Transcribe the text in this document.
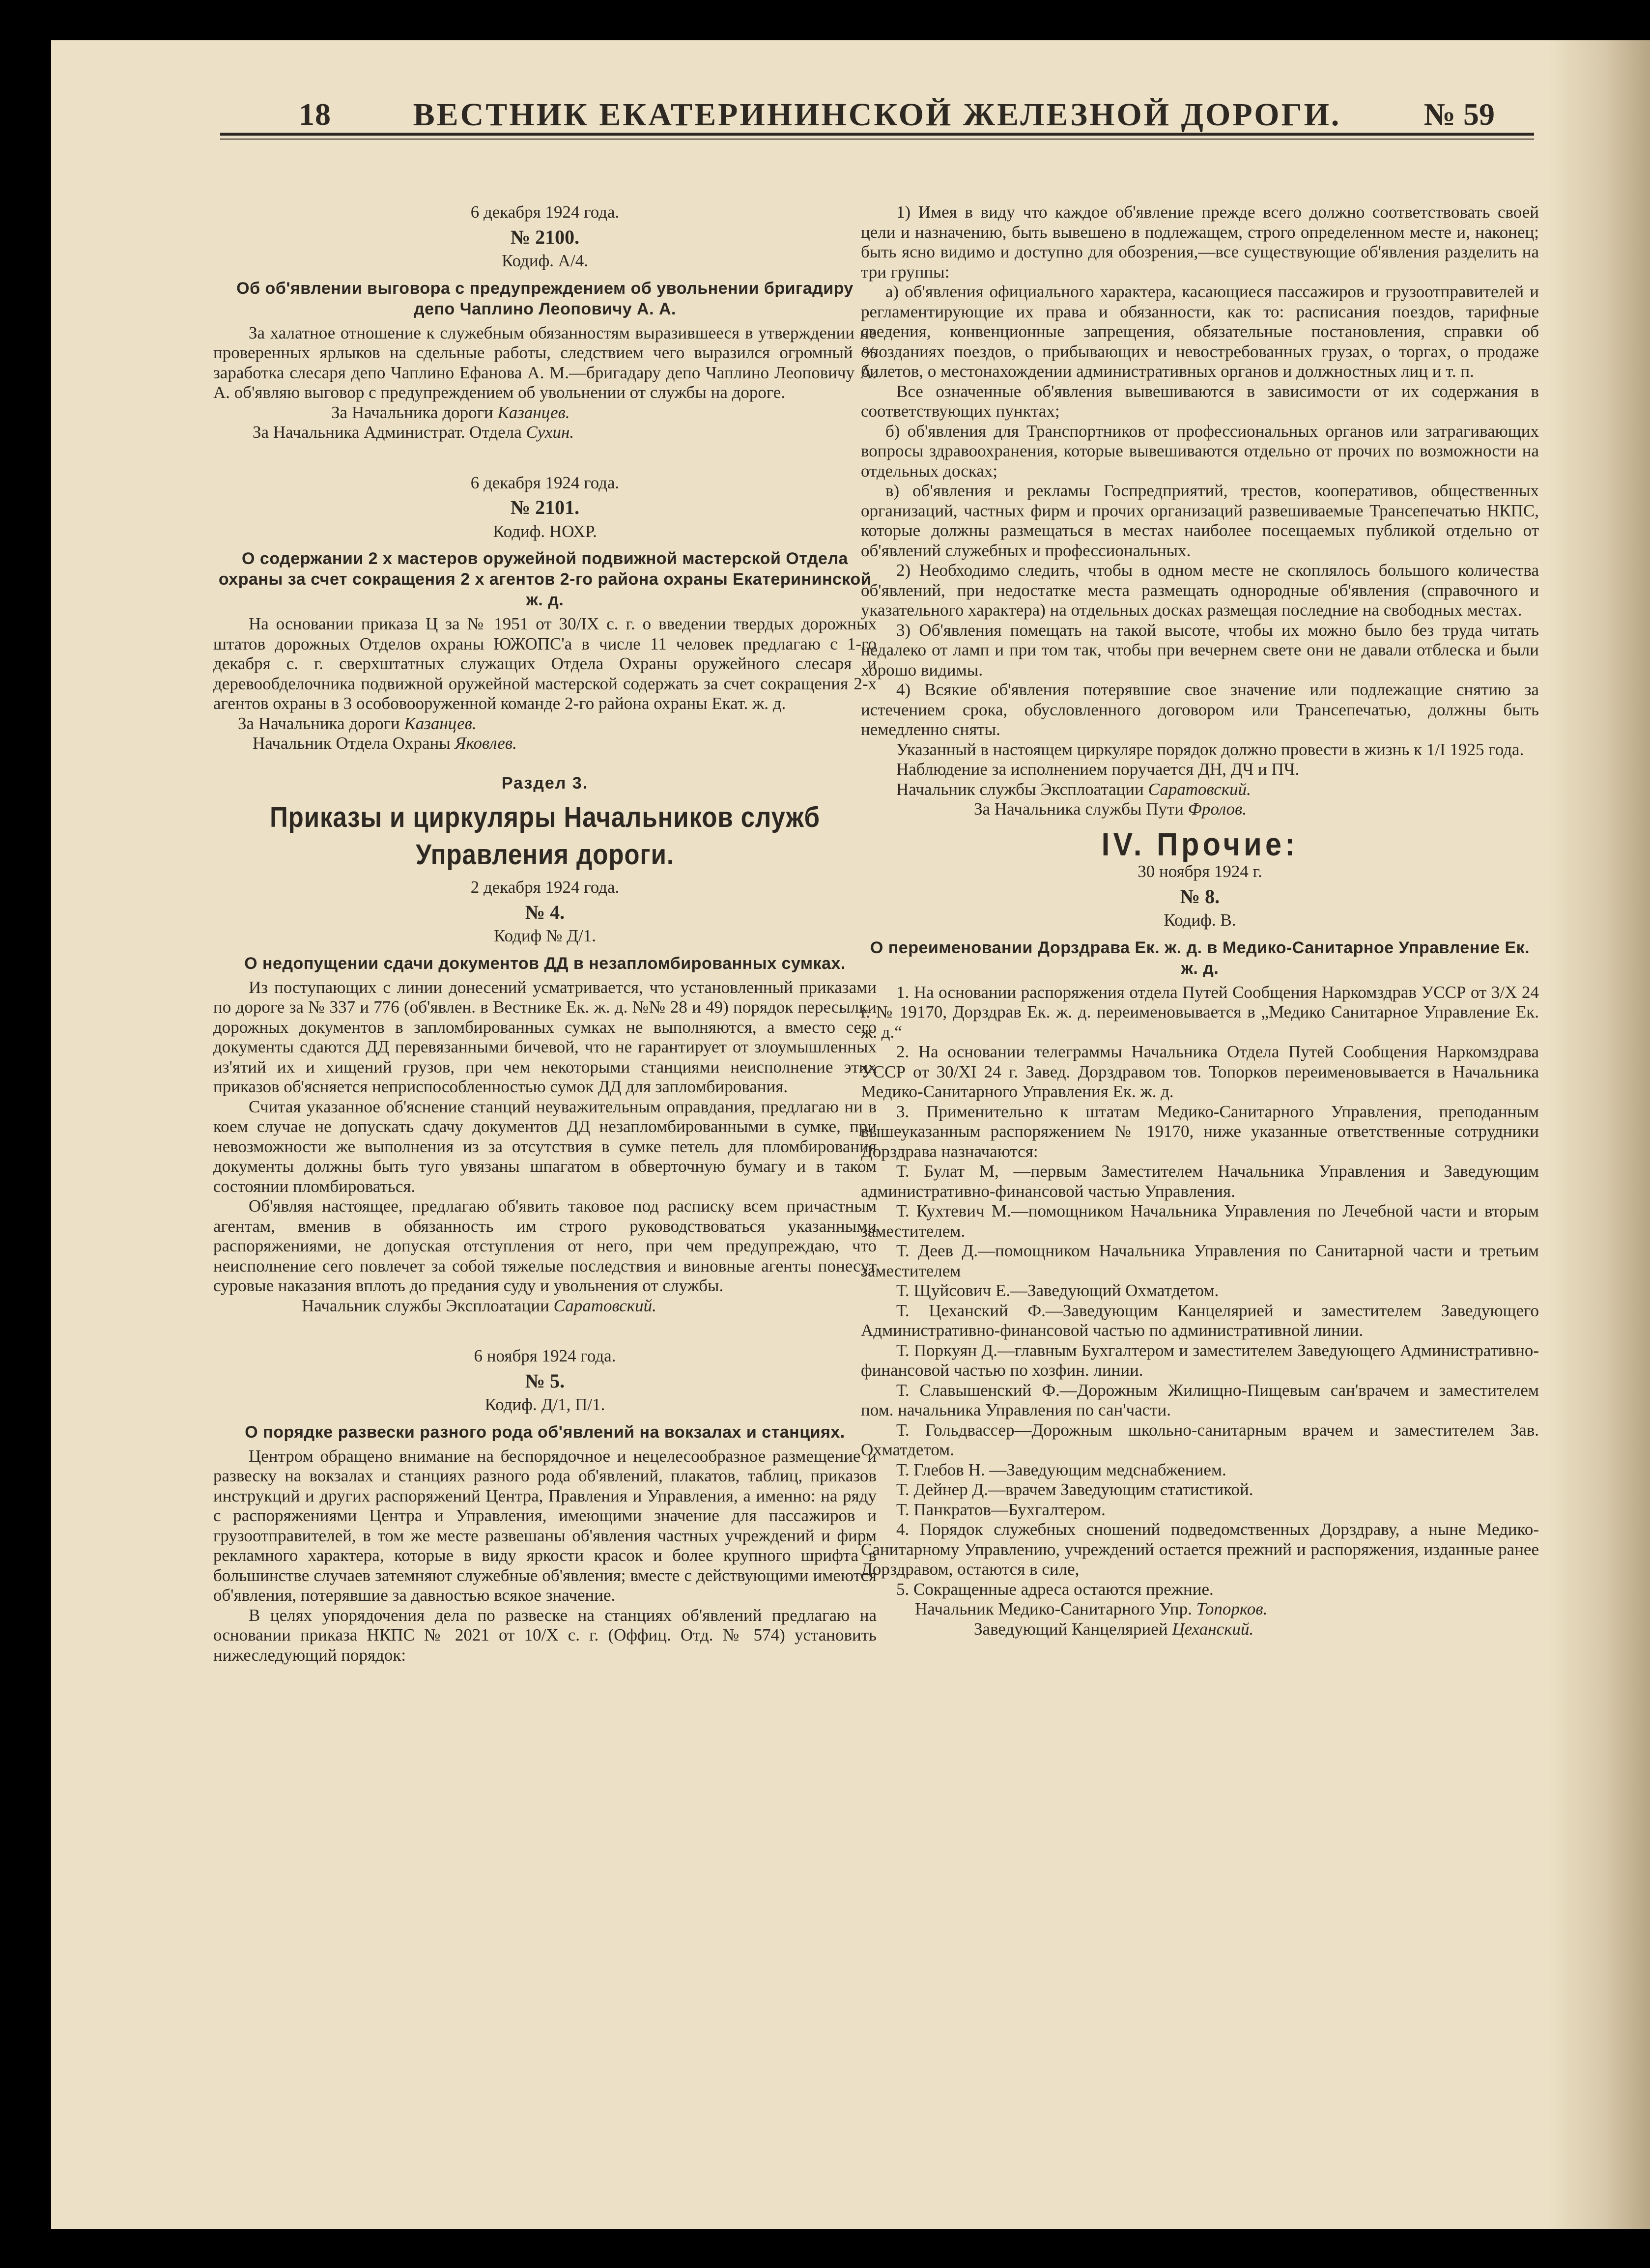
18	ВЕСТНИК ЕКАТЕРИНИНСКОЙ ЖЕЛЕЗНОЙ ДОРОГИ.	№ 59
6 декабря 1924 года.
№ 2100.
Кодиф. А/4.
Об об'явлении выговора с предупреждением об увольнении бригадиру депо Чаплино Леоповичу А. А.

За халатное отношение к служебным обязанностям выразившееся в утверждении не проверенных ярлыков на сдельные работы, следствием чего выразился огромный % заработка слесаря депо Чаплино Ефанова А. М.—бригадару депо Чаплино Леоповичу А. А. об'являю выговор с предупреждением об увольнении от службы на дороге.

За Начальника дороги Казанцев.
За Начальника Администрат. Отдела Сухин.
6 декабря 1924 года.
№ 2101.
Кодиф. НОХР.
О содержании 2 х мастеров оружейной подвижной мастерской Отдела охраны за счет сокращения 2 х агентов 2-го района охраны Екатерининской ж. д.

На основании приказа Ц за № 1951 от 30/IX с. г. о введении твердых дорожных штатов дорожных Отделов охраны ЮЖОПС'а в числе 11 человек предлагаю с 1-го декабря с. г. сверхштатных служащих Отдела Охраны оружейного слесаря и деревообделочника подвижной оружейной мастерской содержать за счет сокращения 2-х агентов охраны в 3 особовооруженной команде 2-го района охраны Екат. ж. д.

За Начальника дороги Казанцев.
Начальник Отдела Охраны Яковлев.
Раздел 3.
Приказы и циркуляры Начальников служб Управления дороги.
2 декабря 1924 года.
№ 4.
Кодиф № Д/1.
О недопущении сдачи документов ДД в незапломбированных сумках.

Из поступающих с линии донесений усматривается, что установленный приказами по дороге за № 337 и 776 (об'явлен. в Вестнике Ек. ж. д. №№ 28 и 49) порядок пересылки дорожных документов в запломбированных сумках не выполняются, а вместо сего документы сдаются ДД перевязанными бичевой, что не гарантирует от злоумышленных из'ятий их и хищений грузов, при чем некоторыми станциями неисполнение этих приказов об'ясняется неприспособленностью сумок ДД для запломбирования.

Считая указанное об'яснение станций неуважительным оправдания, предлагаю ни в коем случае не допускать сдачу документов ДД незапломбированными в сумке, при невозможности же выполнения из за отсутствия в сумке петель для пломбирования документы должны быть туго увязаны шпагатом в обверточную бумагу и в таком состоянии пломбироваться.

Об'являя настоящее, предлагаю об'явить таковое под расписку всем причастным агентам, вменив в обязанность им строго руководствоваться указанными распоряжениями, не допуская отступления от него, при чем предупреждаю, что неисполнение сего повлечет за собой тяжелые последствия и виновные агенты понесут суровые наказания вплоть до предания суду и увольнения от службы.

Начальник службы Эксплоатации Саратовский.
6 ноября 1924 года.
№ 5.
Кодиф. Д/1, П/1.
О порядке развески разного рода об'явлений на вокзалах и станциях.

Центром обращено внимание на беспорядочное и нецелесообразное размещение и развеску на вокзалах и станциях разного рода об'явлений, плакатов, таблиц, приказов инструкций и других распоряжений Центра, Правления и Управления, а именно: на ряду с распоряжениями Центра и Управления, имеющими значение для пассажиров и грузоотправителей, в том же месте развешаны об'явления частных учреждений и фирм рекламного характера, которые в виду яркости красок и более крупного шрифта в большинстве случаев затемняют служебные об'явления; вместе с действующими имеются об'явления, потерявшие за давностью всякое значение.

В целях упорядочения дела по развеске на станциях об'явлений предлагаю на основании приказа НКПС № 2021 от 10/Х с. г. (Оффиц. Отд. № 574) установить нижеследующий порядок:

1) Имея в виду что каждое об'явление прежде всего должно соответствовать своей цели и назначению, быть вывешено в подлежащем, строго определенном месте и, наконец; быть ясно видимо и доступно для обозрения,—все существующие об'явления разделить на три группы:

а) об'явления официального характера, касающиеся пассажиров и грузоотправителей и регламентирующие их права и обязанности, как то: расписания поездов, тарифные сведения, конвенционные запрещения, обязательные постановления, справки об опозданиях поездов, о прибывающих и невостребованных грузах, о торгах, о продаже билетов, о местонахождении административных органов и должностных лиц и т. п.

Все означенные об'явления вывешиваются в зависимости от их содержания в соответствующих пунктах;

б) об'явления для Транспортников от профессиональных органов или затрагивающих вопросы здравоохранения, которые вывешиваются отдельно от прочих по возможности на отдельных досках;

в) об'явления и рекламы Госпредприятий, трестов, кооперативов, общественных организаций, частных фирм и прочих организаций развешиваемые Трансепечатью НКПС, которые должны размещаться в местах наиболее посещаемых публикой отдельно от об'явлений служебных и профессиональных.

2) Необходимо следить, чтобы в одном месте не скоплялось большого количества об'явлений, при недостатке места размещать однородные об'явления (справочного и указательного характера) на отдельных досках размещая последние на свободных местах.

3) Об'явления помещать на такой высоте, чтобы их можно было без труда читать недалеко от ламп и при том так, чтобы при вечернем свете они не давали отблеска и были хорошо видимы.

4) Всякие об'явления потерявшие свое значение или подлежащие снятию за истечением срока, обусловленного договором или Трансепечатью, должны быть немедленно сняты.

Указанный в настоящем циркуляре порядок должно провести в жизнь к 1/I 1925 года.

Наблюдение за исполнением поручается ДН, ДЧ и ПЧ.

Начальник службы Эксплоатации Саратовский.
За Начальника службы Пути Фролов.
IV. Прочие:
30 ноября 1924 г.
№ 8.
Кодиф. В.
О переименовании Дорздрава Ек. ж. д. в Медико-Санитарное Управление Ек. ж. д.

1. На основании распоряжения отдела Путей Сообщения Наркомздрав УССР от 3/Х 24 г. № 19170, Дорздрав Ек. ж. д. переименовывается в „Медико Санитарное Управление Ек. ж. д.“

2. На основании телеграммы Начальника Отдела Путей Сообщения Наркомздрава УССР от 30/XI 24 г. Завед. Дорздравом тов. Топорков переименовывается в Начальника Медико-Санитарного Управления Ек. ж. д.

3. Применительно к штатам Медико-Санитарного Управления, преподанным вышеуказанным распоряжением № 19170, ниже указанные ответственные сотрудники Дорздрава назначаются:

Т. Булат М, —первым Заместителем Начальника Управления и Заведующим административно-финансовой частью Управления.

Т. Кухтевич М.—помощником Начальника Управления по Лечебной части и вторым заместителем.

Т. Деев Д.—помощником Начальника Управления по Санитарной части и третьим заместителем

Т. Щуйсович Е.—Заведующий Охматдетом.

Т. Цеханский Ф.—Заведующим Канцелярией и заместителем Заведующего Административно-финансовой частью по административной линии.

Т. Поркуян Д.—главным Бухгалтером и заместителем Заведующего Административно-финансовой частью по хозфин. линии.

Т. Славышенский Ф.—Дорожным Жилищно-Пищевым сан'врачем и заместителем пом. начальника Управления по сан'части.

Т. Гольдвассер—Дорожным школьно-санитарным врачем и заместителем Зав. Охматдетом.

Т. Глебов Н. —Заведующим медснабжением.

Т. Дейнер Д.—врачем Заведующим статистикой.

Т. Панкратов—Бухгалтером.

4. Порядок служебных сношений подведомственных Дорздраву, а ныне Медико-Санитарному Управлению, учреждений остается прежний и распоряжения, изданные ранее Дорздравом, остаются в силе,

5. Сокращенные адреса остаются прежние.

Начальник Медико-Санитарного Упр. Топорков.
Заведующий Канцелярией Цеханский.
